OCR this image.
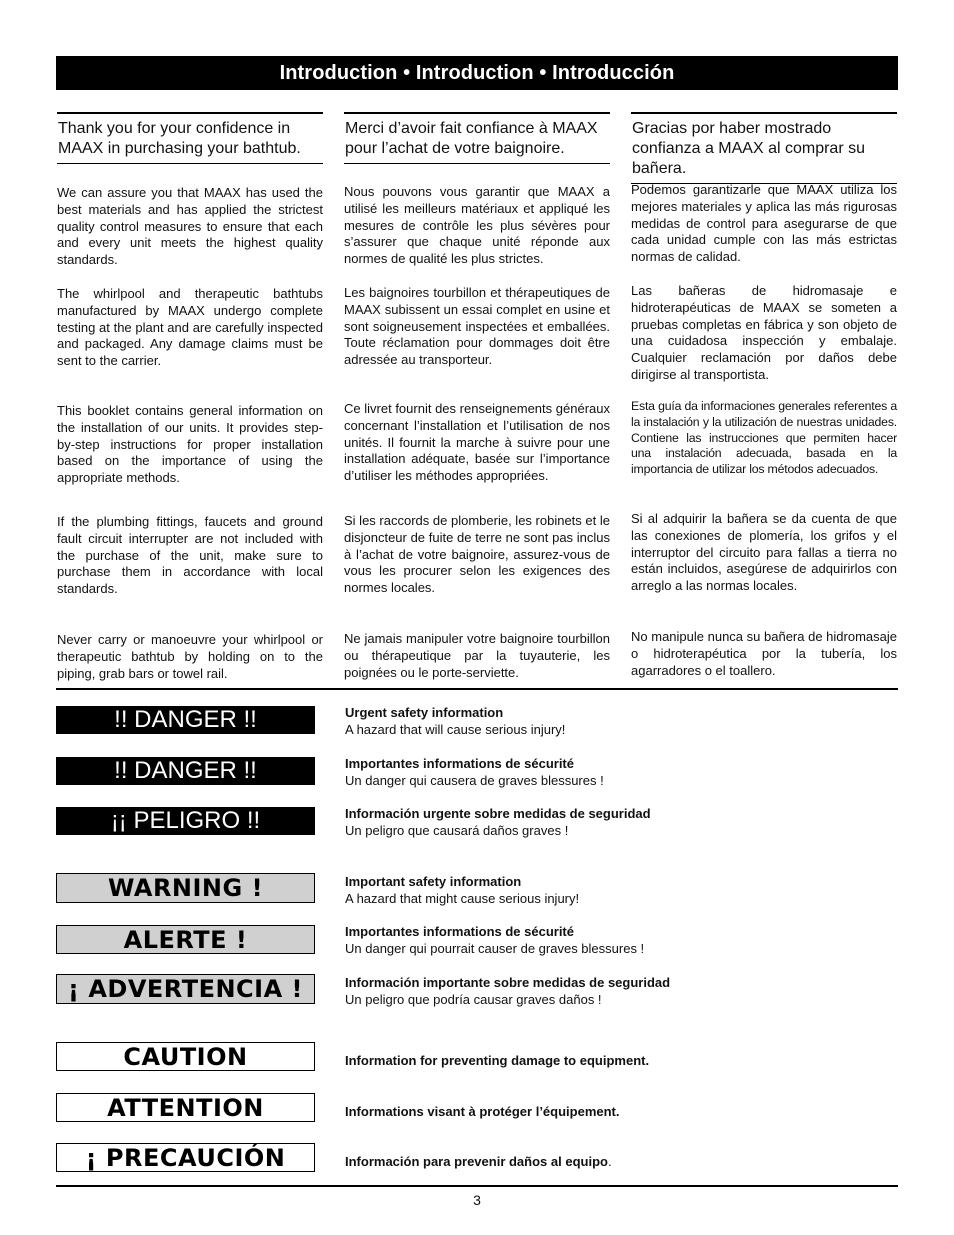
Introduction • Introduction • Introducción

Thank you for your confidence in MAAX in purchasing your bathtub.

We can assure you that MAAX has used the best materials and has applied the strictest quality control measures to ensure that each and every unit meets the highest quality standards.

The whirlpool and therapeutic bathtubs manufactured by MAAX undergo complete testing at the plant and are carefully inspected and packaged. Any damage claims must be sent to the carrier.

This booklet contains general information on the installation of our units. It provides step-by-step instructions for proper installation based on the importance of using the appropriate methods.

If the plumbing fittings, faucets and ground fault circuit interrupter are not included with the purchase of the unit, make sure to purchase them in accordance with local standards.

Never carry or manoeuvre your whirlpool or therapeutic bathtub by holding on to the piping, grab bars or towel rail.

Merci d’avoir fait confiance à MAAX pour l’achat de votre baignoire.

Nous pouvons vous garantir que MAAX a utilisé les meilleurs matériaux et appliqué les mesures de contrôle les plus sévères pour s’assurer que chaque unité réponde aux normes de qualité les plus strictes.

Les baignoires tourbillon et thérapeutiques de MAAX subissent un essai complet en usine et sont soigneusement inspectées et emballées. Toute réclamation pour dommages doit être adressée au transporteur.

Ce livret fournit des renseignements généraux concernant l’installation et l’utilisation de nos unités. Il fournit la marche à suivre pour une installation adéquate, basée sur l’importance d’utiliser les méthodes appropriées.

Si les raccords de plomberie, les robinets et le disjoncteur de fuite de terre ne sont pas inclus à l’achat de votre baignoire, assurez-vous de vous les procurer selon les exigences des normes locales.

Ne jamais manipuler votre baignoire tourbillon ou thérapeutique par la tuyauterie, les poignées ou le porte-serviette.

Gracias por haber mostrado confianza a MAAX al comprar su bañera.

Podemos garantizarle que MAAX utiliza los mejores materiales y aplica las más rigurosas medidas de control para asegurarse de que cada unidad cumple con las más estrictas normas de calidad.

Las bañeras de hidromasaje e hidroterapéuticas de MAAX se someten a pruebas completas en fábrica y son objeto de una cuidadosa inspección y embalaje. Cualquier reclamación por daños debe dirigirse al transportista.

Esta guía da informaciones generales referentes a la instalación y la utilización de nuestras unidades. Contiene las instrucciones que permiten hacer una instalación adecuada, basada en la importancia de utilizar los métodos adecuados.

Si al adquirir la bañera se da cuenta de que las conexiones de plomería, los grifos y el interruptor del circuito para fallas a tierra no están incluidos, asegúrese de adquirirlos con arreglo a las normas locales.

No manipule nunca su bañera de hidromasaje o hidroterapéutica por la tubería, los agarradores o el toallero.

!! DANGER !!	Urgent safety information
A hazard that will cause serious injury!
!! DANGER !!	Importantes informations de sécurité
Un danger qui causera de graves blessures !
¡¡ PELIGRO !!	Información urgente sobre medidas de seguridad
Un peligro que causará daños graves !
WARNING !	Important safety information
A hazard that might cause serious injury!
ALERTE !	Importantes informations de sécurité
Un danger qui pourrait causer de graves blessures !
¡ ADVERTENCIA !	Información importante sobre medidas de seguridad
Un peligro que podría causar graves daños !
CAUTION	Information for preventing damage to equipment.
ATTENTION	Informations visant à protéger l’équipement.
¡ PRECAUCIÓN	Información para prevenir daños al equipo.
3
